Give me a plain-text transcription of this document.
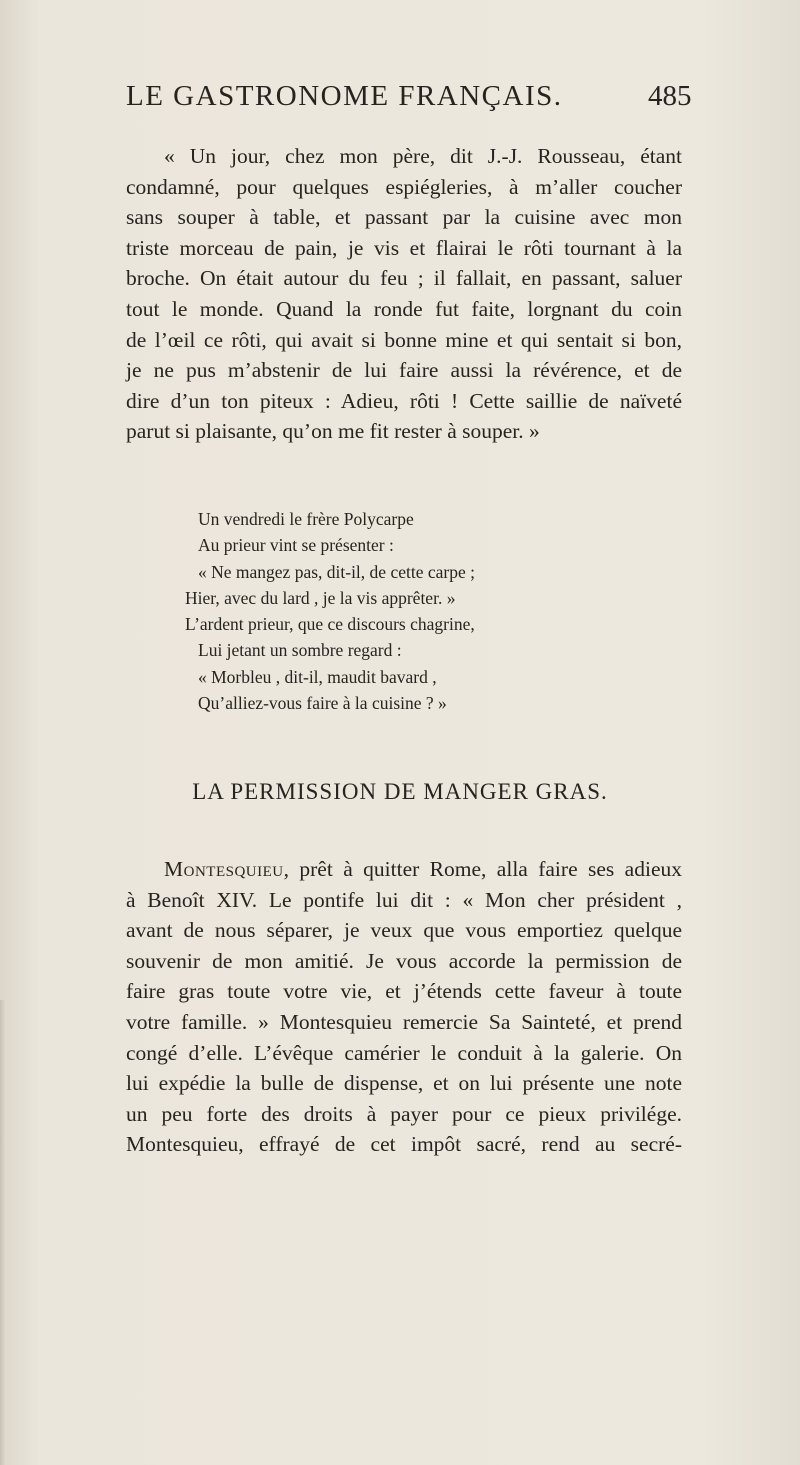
LE GASTRONOME FRANÇAIS.	485
« Un jour, chez mon père, dit J.-J. Rousseau, étant
condamné, pour quelques espiégleries, à m’aller coucher
sans souper à table, et passant par la cuisine avec mon
triste morceau de pain, je vis et flairai le rôti tournant à la
broche. On était autour du feu ; il fallait, en passant, saluer
tout le monde. Quand la ronde fut faite, lorgnant du coin
de l’œil ce rôti, qui avait si bonne mine et qui sentait si bon,
je ne pus m’abstenir de lui faire aussi la révérence, et de
dire d’un ton piteux : Adieu, rôti ! Cette saillie de naïveté
parut si plaisante, qu’on me fit rester à souper. »
Un vendredi le frère Polycarpe
Au prieur vint se présenter :
« Ne mangez pas, dit-il, de cette carpe ;
Hier, avec du lard , je la vis apprêter. »
L’ardent prieur, que ce discours chagrine,
Lui jetant un sombre regard :
« Morbleu , dit-il, maudit bavard ,
Qu’alliez-vous faire à la cuisine ? »
LA PERMISSION DE MANGER GRAS.
Montesquieu, prêt à quitter Rome, alla faire ses adieux
à Benoît XIV. Le pontife lui dit : « Mon cher président ,
avant de nous séparer, je veux que vous emportiez quelque
souvenir de mon amitié. Je vous accorde la permission de
faire gras toute votre vie, et j’étends cette faveur à toute
votre famille. » Montesquieu remercie Sa Sainteté, et prend
congé d’elle. L’évêque camérier le conduit à la galerie. On
lui expédie la bulle de dispense, et on lui présente une note
un peu forte des droits à payer pour ce pieux privilége.
Montesquieu, effrayé de cet impôt sacré, rend au secré-
